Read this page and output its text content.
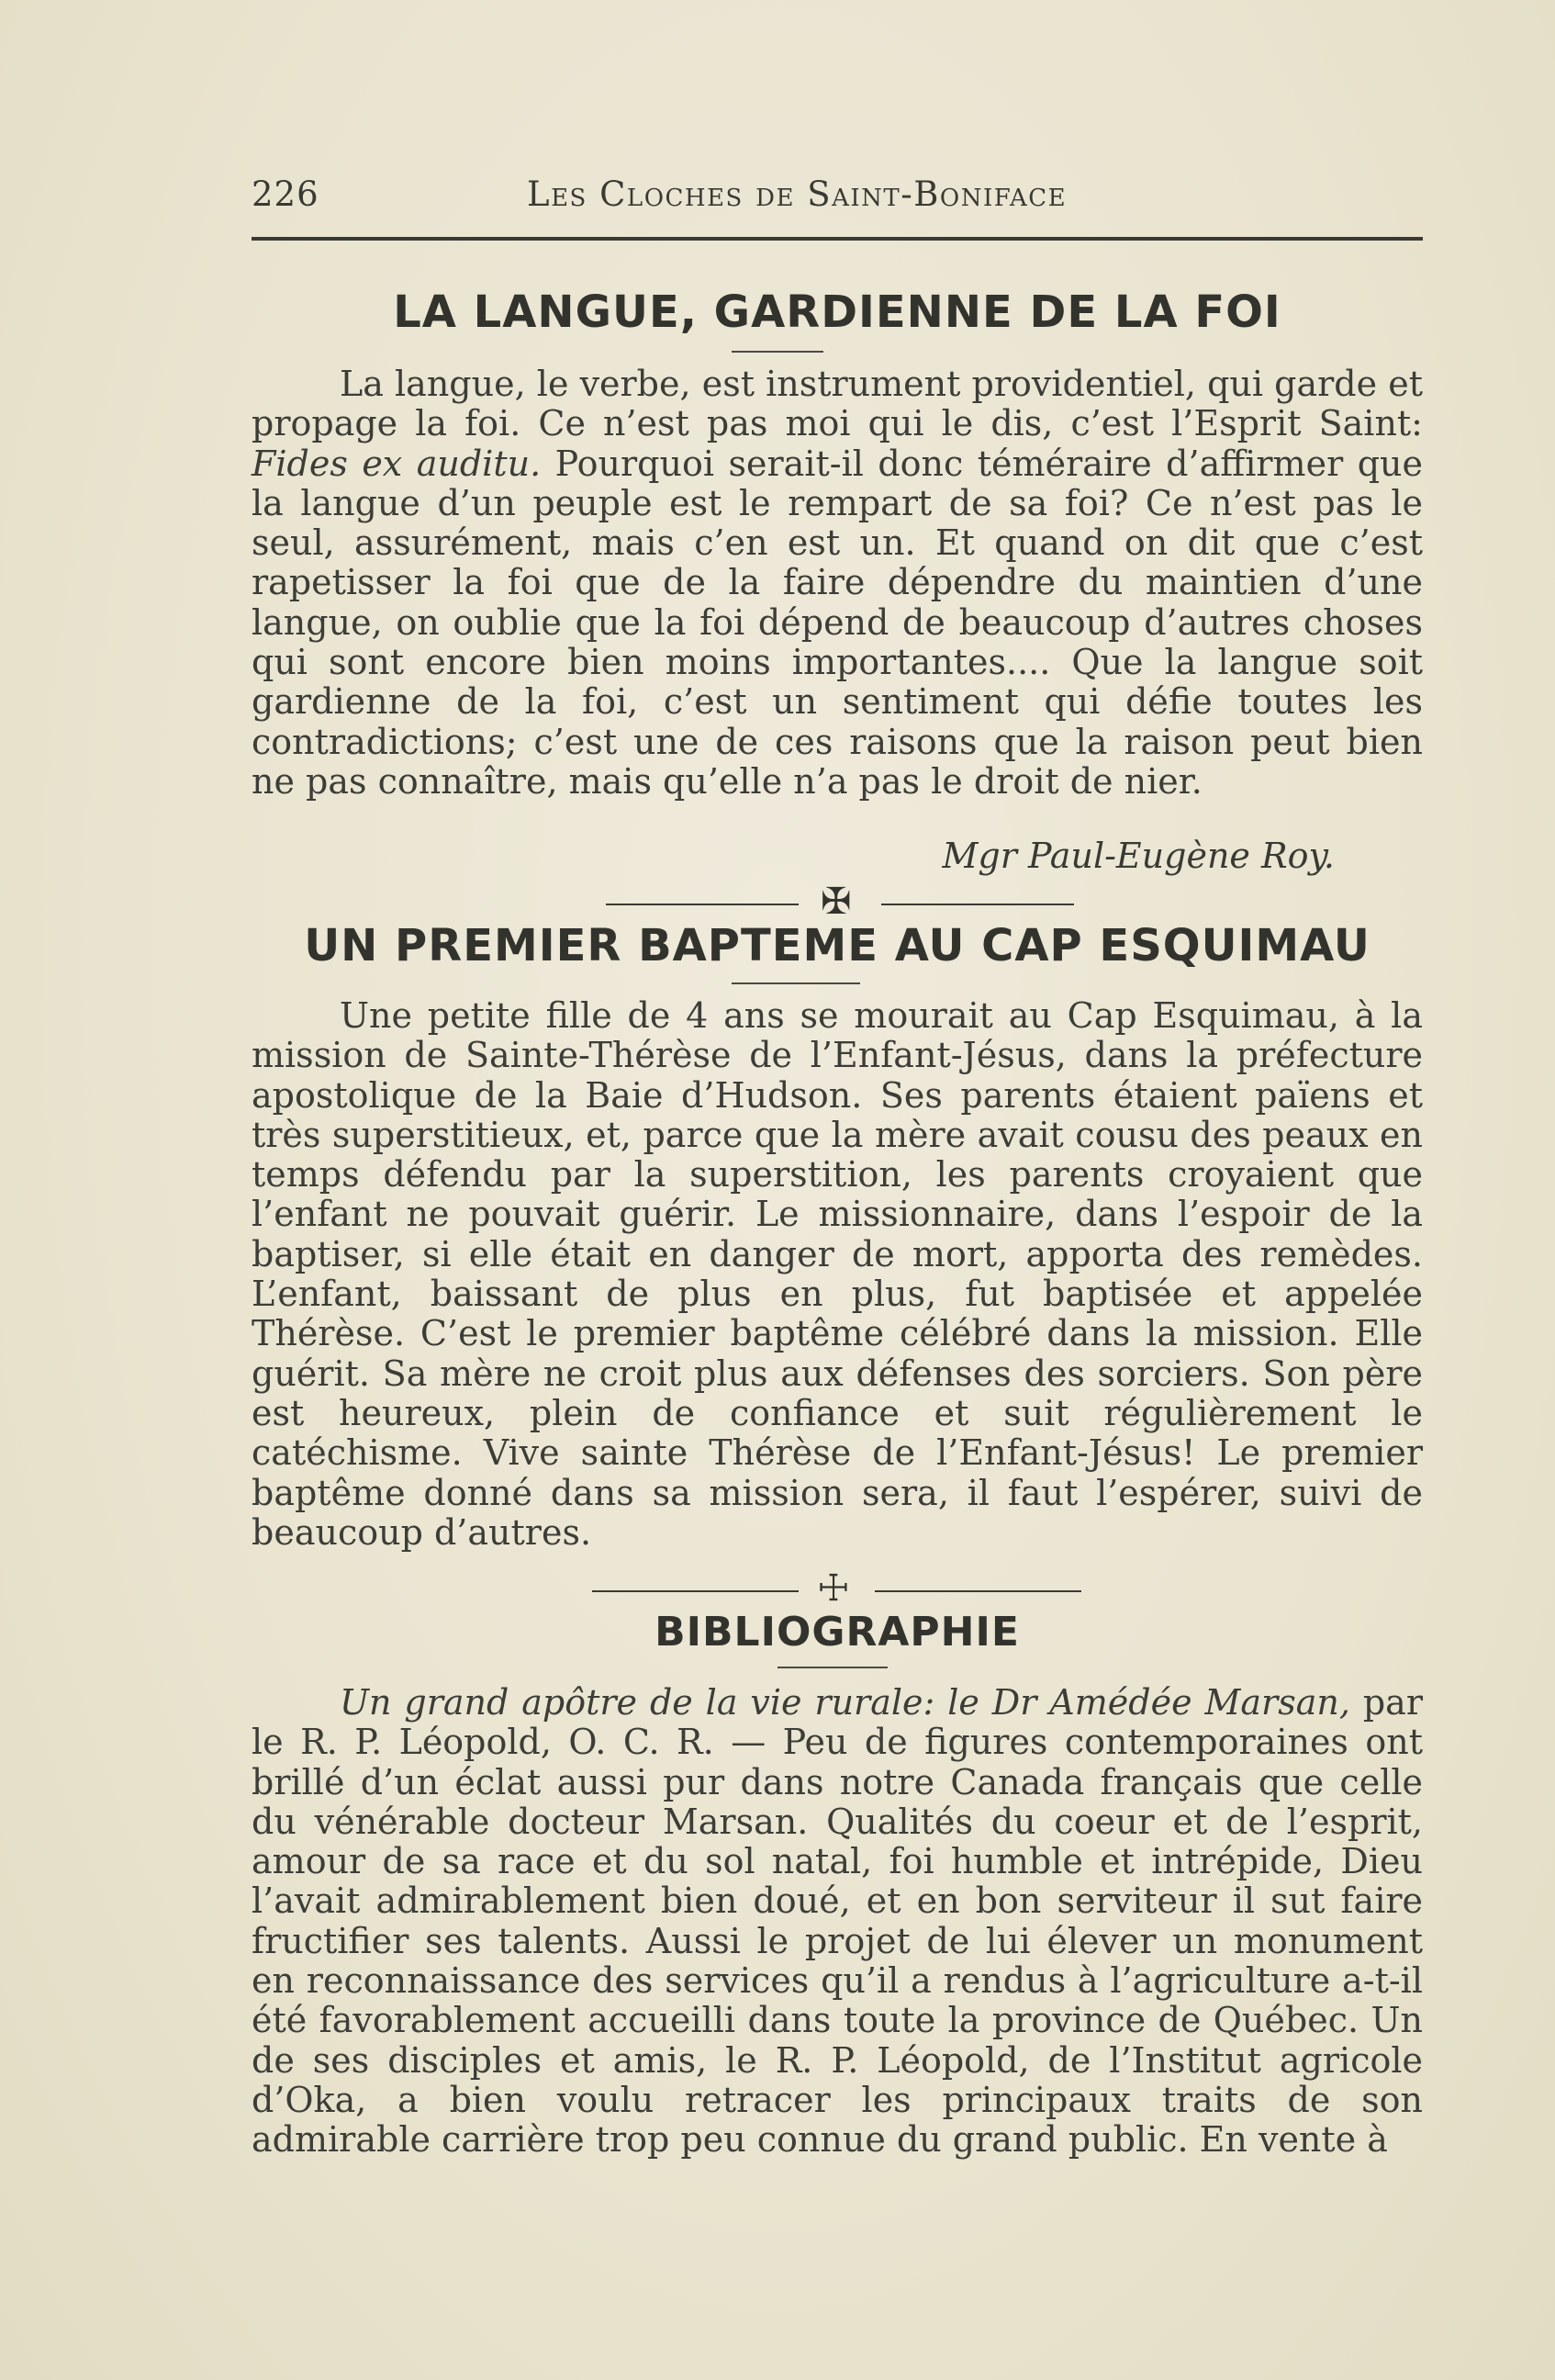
226	Les Cloches de Saint-Boniface
LA LANGUE, GARDIENNE DE LA FOI
La langue, le verbe, est instrument providentiel, qui garde et propage la foi. Ce n’est pas moi qui le dis, c’est l’Esprit Saint: Fides ex auditu. Pourquoi serait-il donc téméraire d’affirmer que la langue d’un peuple est le rempart de sa foi? Ce n’est pas le seul, assurément, mais c’en est un. Et quand on dit que c’est rapetisser la foi que de la faire dépendre du maintien d’une langue, on oublie que la foi dépend de beaucoup d’autres choses qui sont encore bien moins importantes.... Que la langue soit gardienne de la foi, c’est un sentiment qui défie toutes les contradictions; c’est une de ces raisons que la raison peut bien ne pas connaître, mais qu’elle n’a pas le droit de nier.
Mgr Paul-Eugène Roy.
✠
UN PREMIER BAPTEME AU CAP ESQUIMAU
Une petite fille de 4 ans se mourait au Cap Esquimau, à la mission de Sainte-Thérèse de l’Enfant-Jésus, dans la préfecture apostolique de la Baie d’Hudson. Ses parents étaient païens et très superstitieux, et, parce que la mère avait cousu des peaux en temps défendu par la superstition, les parents croyaient que l’enfant ne pouvait guérir. Le missionnaire, dans l’espoir de la baptiser, si elle était en danger de mort, apporta des remèdes. L’enfant, baissant de plus en plus, fut baptisée et appelée Thérèse. C’est le premier baptême célébré dans la mission. Elle guérit. Sa mère ne croit plus aux défenses des sorciers. Son père est heureux, plein de confiance et suit régulièrement le catéchisme. Vive sainte Thérèse de l’Enfant-Jésus! Le premier baptême donné dans sa mission sera, il faut l’espérer, suivi de beaucoup d’autres.
☩
BIBLIOGRAPHIE
Un grand apôtre de la vie rurale: le Dr Amédée Marsan, par le R. P. Léopold, O. C. R. — Peu de figures contemporaines ont brillé d’un éclat aussi pur dans notre Canada français que celle du vénérable docteur Marsan. Qualités du coeur et de l’esprit, amour de sa race et du sol natal, foi humble et intrépide, Dieu l’avait admirablement bien doué, et en bon serviteur il sut faire fructifier ses talents. Aussi le projet de lui élever un monument en reconnaissance des services qu’il a rendus à l’agriculture a-t-il été favorablement accueilli dans toute la province de Québec. Un de ses disciples et amis, le R. P. Léopold, de l’Institut agricole d’Oka, a bien voulu retracer les principaux traits de son admirable carrière trop peu connue du grand public. En vente à
